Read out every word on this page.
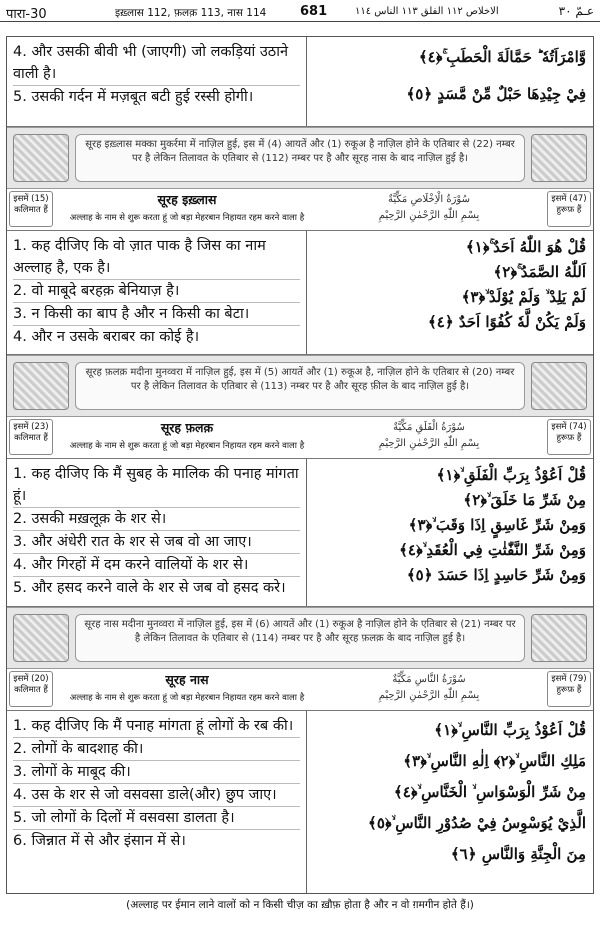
पारा-30	इख़्लास 112, फ़लक़ 113, नास 114	681	الاخلاص ١١٢ الفلق ١١٣ الناس ١١٤	عـمّ ٣٠
4. और उसकी बीवी भी (जाएगी) जो लकड़ियां उठाने वाली है।
5. उसकी गर्दन में मज़बूत बटी हुई रस्सी होगी।
وَّامْرَاَتُهٗ ؕ حَمَّالَةَ الْحَطَبِ ۚ﴿٤﴾
فِيْ جِيْدِهَا حَبْلٌ مِّنْ مَّسَدٍ ﴿٥﴾
सूरह इख़्लास मक्का मुकर्रमा में नाज़िल हुई, इस में (4) आयतें और (1) रुकूअ है नाज़िल होने के एतिबार से (22) नम्बर पर है लेकिन तिलावत के एतिबार से (112) नम्बर पर है और सूरह नास के बाद नाज़िल हुई है।
इसमें (15) कलिमात हैं
सूरह इख़्लास
अल्लाह के नाम से शुरू करता हूं जो बड़ा मेहरबान निहायत रहम करने वाला है
سُوْرَةُ الْاِخْلَاصِ مَكِّيَّةٌ
بِسْمِ اللّٰهِ الرَّحْمٰنِ الرَّحِيْمِ
इसमें (47) हुरूफ़ हैं
1. कह दीजिए कि वो ज़ात पाक है जिस का नाम अल्लाह है, एक है।
2. वो माबूदे बरहक़ बेनियाज़ है।
3. न किसी का बाप है और न किसी का बेटा।
4. और न उसके बराबर का कोई है।
قُلْ هُوَ اللّٰهُ اَحَدٌ ۚ﴿١﴾
اَللّٰهُ الصَّمَدُ ۚ﴿٢﴾
لَمْ يَلِدْ ۙ وَلَمْ يُوْلَدْ ۙ﴿٣﴾
وَلَمْ يَكُنْ لَّهٗ كُفُوًا اَحَدٌ ﴿٤﴾
सूरह फ़लक़ मदीना मुनव्वरा में नाज़िल हुई, इस में (5) आयतें और (1) रुकूअ है, नाज़िल होने के एतिबार से (20) नम्बर पर है लेकिन तिलावत के एतिबार से (113) नम्बर पर है और सूरह फ़ील के बाद नाज़िल हुई है।
इसमें (23) कलिमात हैं
सूरह फ़लक़
अल्लाह के नाम से शुरू करता हूं जो बड़ा मेहरबान निहायत रहम करने वाला है
سُوْرَةُ الْفَلَقِ مَكِّيَّةٌ
بِسْمِ اللّٰهِ الرَّحْمٰنِ الرَّحِيْمِ
इसमें (74) हुरूफ़ हैं
1. कह दीजिए कि मैं सुबह के मालिक की पनाह मांगता हूं।
2. उसकी मख़लूक़ के शर से।
3. और अंधेरी रात के शर से जब वो आ जाए।
4. और गिरहों में दम करने वालियों के शर से।
5. और हसद करने वाले के शर से जब वो हसद करे।
قُلْ اَعُوْذُ بِرَبِّ الْفَلَقِ ۙ﴿١﴾
مِنْ شَرِّ مَا خَلَقَ ۙ﴿٢﴾
وَمِنْ شَرِّ غَاسِقٍ اِذَا وَقَبَ ۙ﴿٣﴾
وَمِنْ شَرِّ النَّفّٰثٰتِ فِي الْعُقَدِ ۙ﴿٤﴾
وَمِنْ شَرِّ حَاسِدٍ اِذَا حَسَدَ ﴿٥﴾
सूरह नास मदीना मुनव्वरा में नाज़िल हुई, इस में (6) आयतें और (1) रुकूअ है नाज़िल होने के एतिबार से (21) नम्बर पर है लेकिन तिलावत के एतिबार से (114) नम्बर पर है और सूरह फ़लक़ के बाद नाज़िल हुई है।
इसमें (20) कलिमात हैं
सूरह नास
अल्लाह के नाम से शुरू करता हूं जो बड़ा मेहरबान निहायत रहम करने वाला है
سُوْرَةُ النَّاسِ مَكِّيَّةٌ
بِسْمِ اللّٰهِ الرَّحْمٰنِ الرَّحِيْمِ
इसमें (79) हुरूफ़ हैं
1. कह दीजिए कि मैं पनाह मांगता हूं लोगों के रब की।
2. लोगों के बादशाह की।
3. लोगों के माबूद की।
4. उस के शर से जो वसवसा डाले(और) छुप जाए।
5. जो लोगों के दिलों में वसवसा डालता है।
6. जिन्नात में से और इंसान में से।
قُلْ اَعُوْذُ بِرَبِّ النَّاسِ ۙ﴿١﴾
مَلِكِ النَّاسِ ۙ﴿٢﴾ اِلٰهِ النَّاسِ ۙ﴿٣﴾
مِنْ شَرِّ الْوَسْوَاسِ ۙ الْخَنَّاسِ ۙ﴿٤﴾
الَّذِيْ يُوَسْوِسُ فِيْ صُدُوْرِ النَّاسِ ۙ﴿٥﴾
مِنَ الْجِنَّةِ وَالنَّاسِ ﴿٦﴾
(अल्लाह पर ईमान लाने वालों को न किसी चीज़ का ख़ौफ़ होता है और न वो ग़मगीन होते हैं।)
